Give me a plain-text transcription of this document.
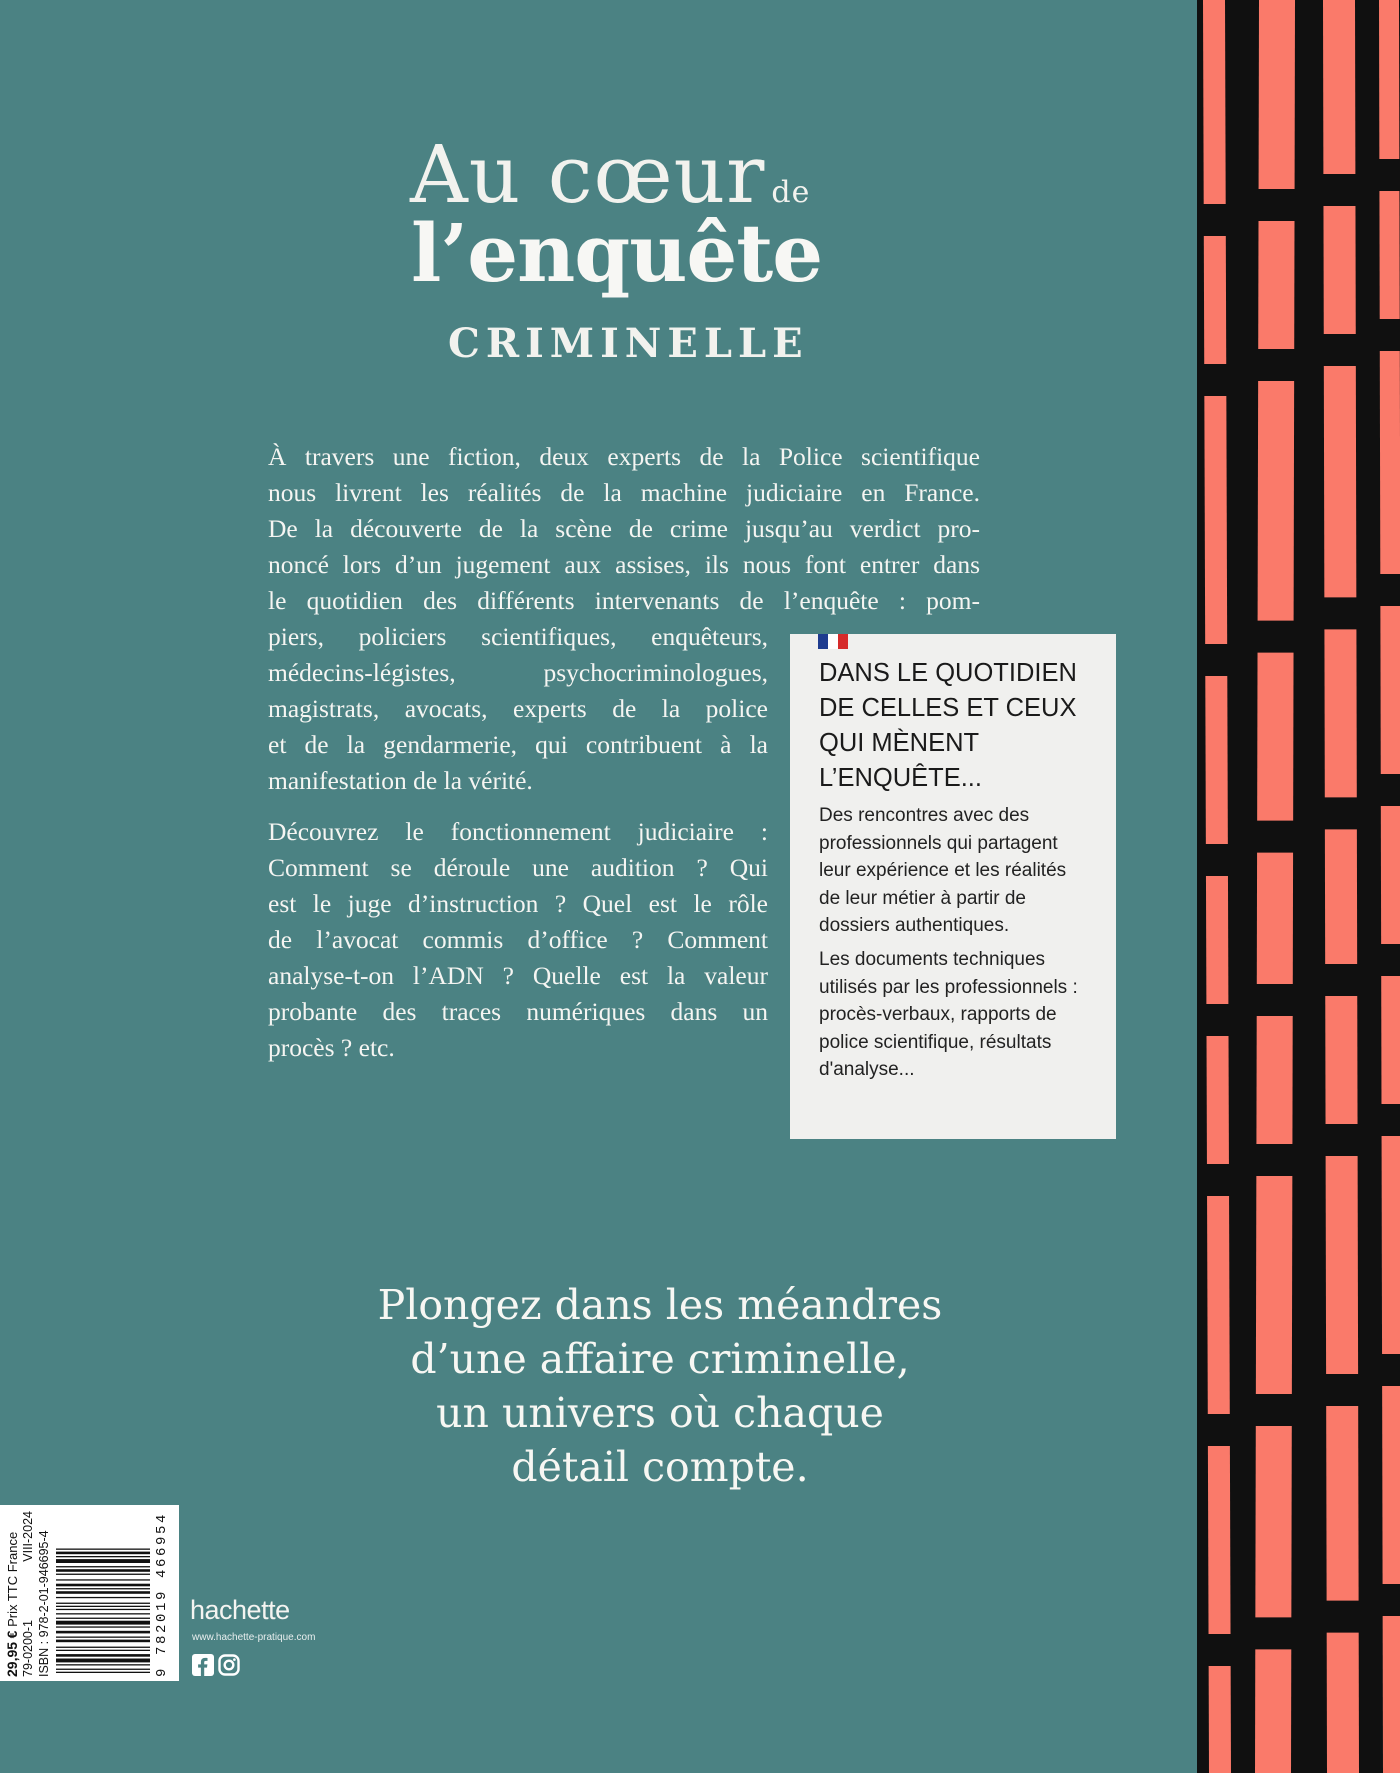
Au cœur de
l’enquête
CRIMINELLE
À travers une fiction, deux experts de la Police scientifique
nous livrent les réalités de la machine judiciaire en France.
De la découverte de la scène de crime jusqu’au verdict pro-
noncé lors d’un jugement aux assises, ils nous font entrer dans
le quotidien des différents intervenants de l’enquête : pom-
piers, policiers scientifiques, enquêteurs,
médecins-légistes, psychocriminologues,
magistrats, avocats, experts de la police
et de la gendarmerie, qui contribuent à la
manifestation de la vérité.
Découvrez le fonctionnement judiciaire :
Comment se déroule une audition ? Qui
est le juge d’instruction ? Quel est le rôle
de l’avocat commis d’office ? Comment
analyse-t-on l’ADN ? Quelle est la valeur
probante des traces numériques dans un
procès ? etc.
DANS LE QUOTIDIEN
DE CELLES ET CEUX
QUI MÈNENT
L’ENQUÊTE...
Des rencontres avec des
professionnels qui partagent
leur expérience et les réalités
de leur métier à partir de
dossiers authentiques.
Les documents techniques
utilisés par les professionnels :
procès-verbaux, rapports de
police scientifique, résultats
d'analyse...
Plongez dans les méandres
d’une affaire criminelle,
un univers où chaque
détail compte.
29,95 € Prix TTC France
79-0200-1
VIII-2024 ISBN : 978-2-01-946695-4	9 782019 466954 hachette
www.hachette-pratique.com
